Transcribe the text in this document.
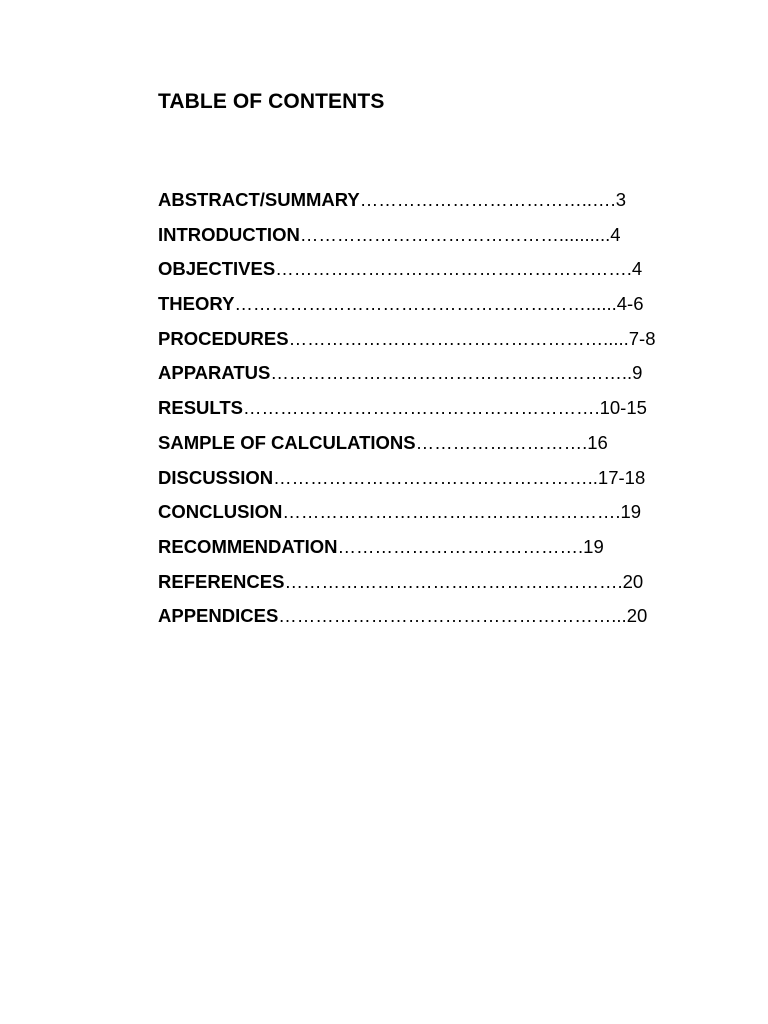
TABLE OF CONTENTS
ABSTRACT/SUMMARY………………………………..….3
INTRODUCTION……………………………………..........4
OBJECTIVES………………………………………………….4
THEORY…………………………………………………......4-6
PROCEDURES…………………………………………….....7-8
APPARATUS…………………………………………………..9
RESULTS………………………………………………….10-15
SAMPLE OF CALCULATIONS……………………….16
DISCUSSION……………………………………………..17-18
CONCLUSION……………………………………………….19
RECOMMENDATION………………………………….19
REFERENCES……………………………………………….20
APPENDICES………………………………………………...20
